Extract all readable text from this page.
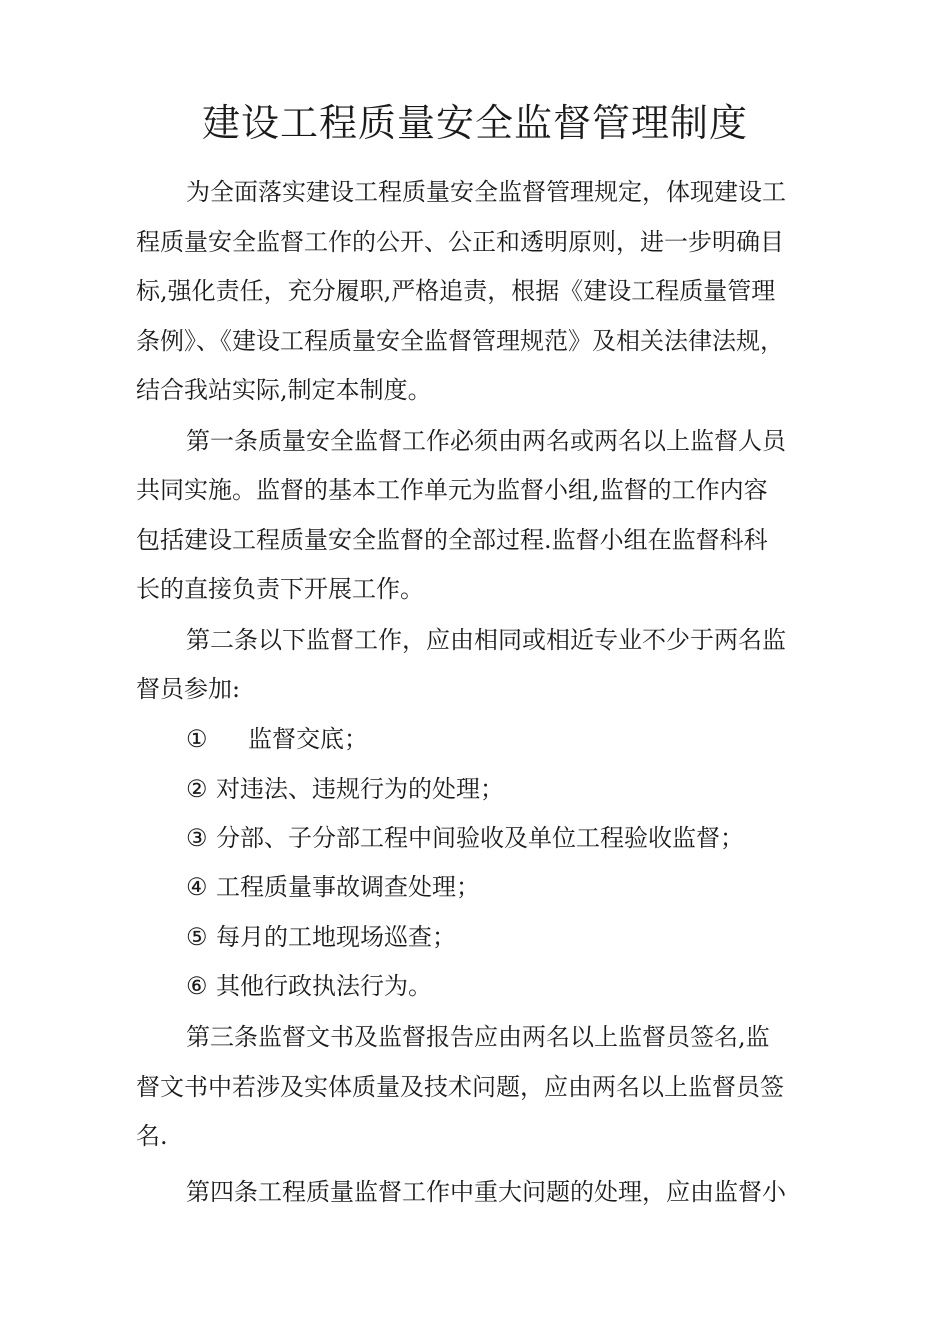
建设工程质量安全监督管理制度

为全面落实建设工程质量安全监督管理规定，体现建设工

程质量安全监督工作的公开、公正和透明原则，进一步明确目

标,强化责任，充分履职,严格追责，根据《建设工程质量管理

条例》、《建设工程质量安全监督管理规范》及相关法律法规，

结合我站实际,制定本制度。

第一条质量安全监督工作必须由两名或两名以上监督人员

共同实施。监督的基本工作单元为监督小组,监督的工作内容

包括建设工程质量安全监督的全部过程.监督小组在监督科科

长的直接负责下开展工作。

第二条以下监督工作，应由相同或相近专业不少于两名监

督员参加:

① 监督交底；

② 对违法、违规行为的处理；

③ 分部、子分部工程中间验收及单位工程验收监督；

④ 工程质量事故调查处理；

⑤ 每月的工地现场巡查；

⑥ 其他行政执法行为。

第三条监督文书及监督报告应由两名以上监督员签名,监

督文书中若涉及实体质量及技术问题，应由两名以上监督员签

名.

第四条工程质量监督工作中重大问题的处理，应由监督小
